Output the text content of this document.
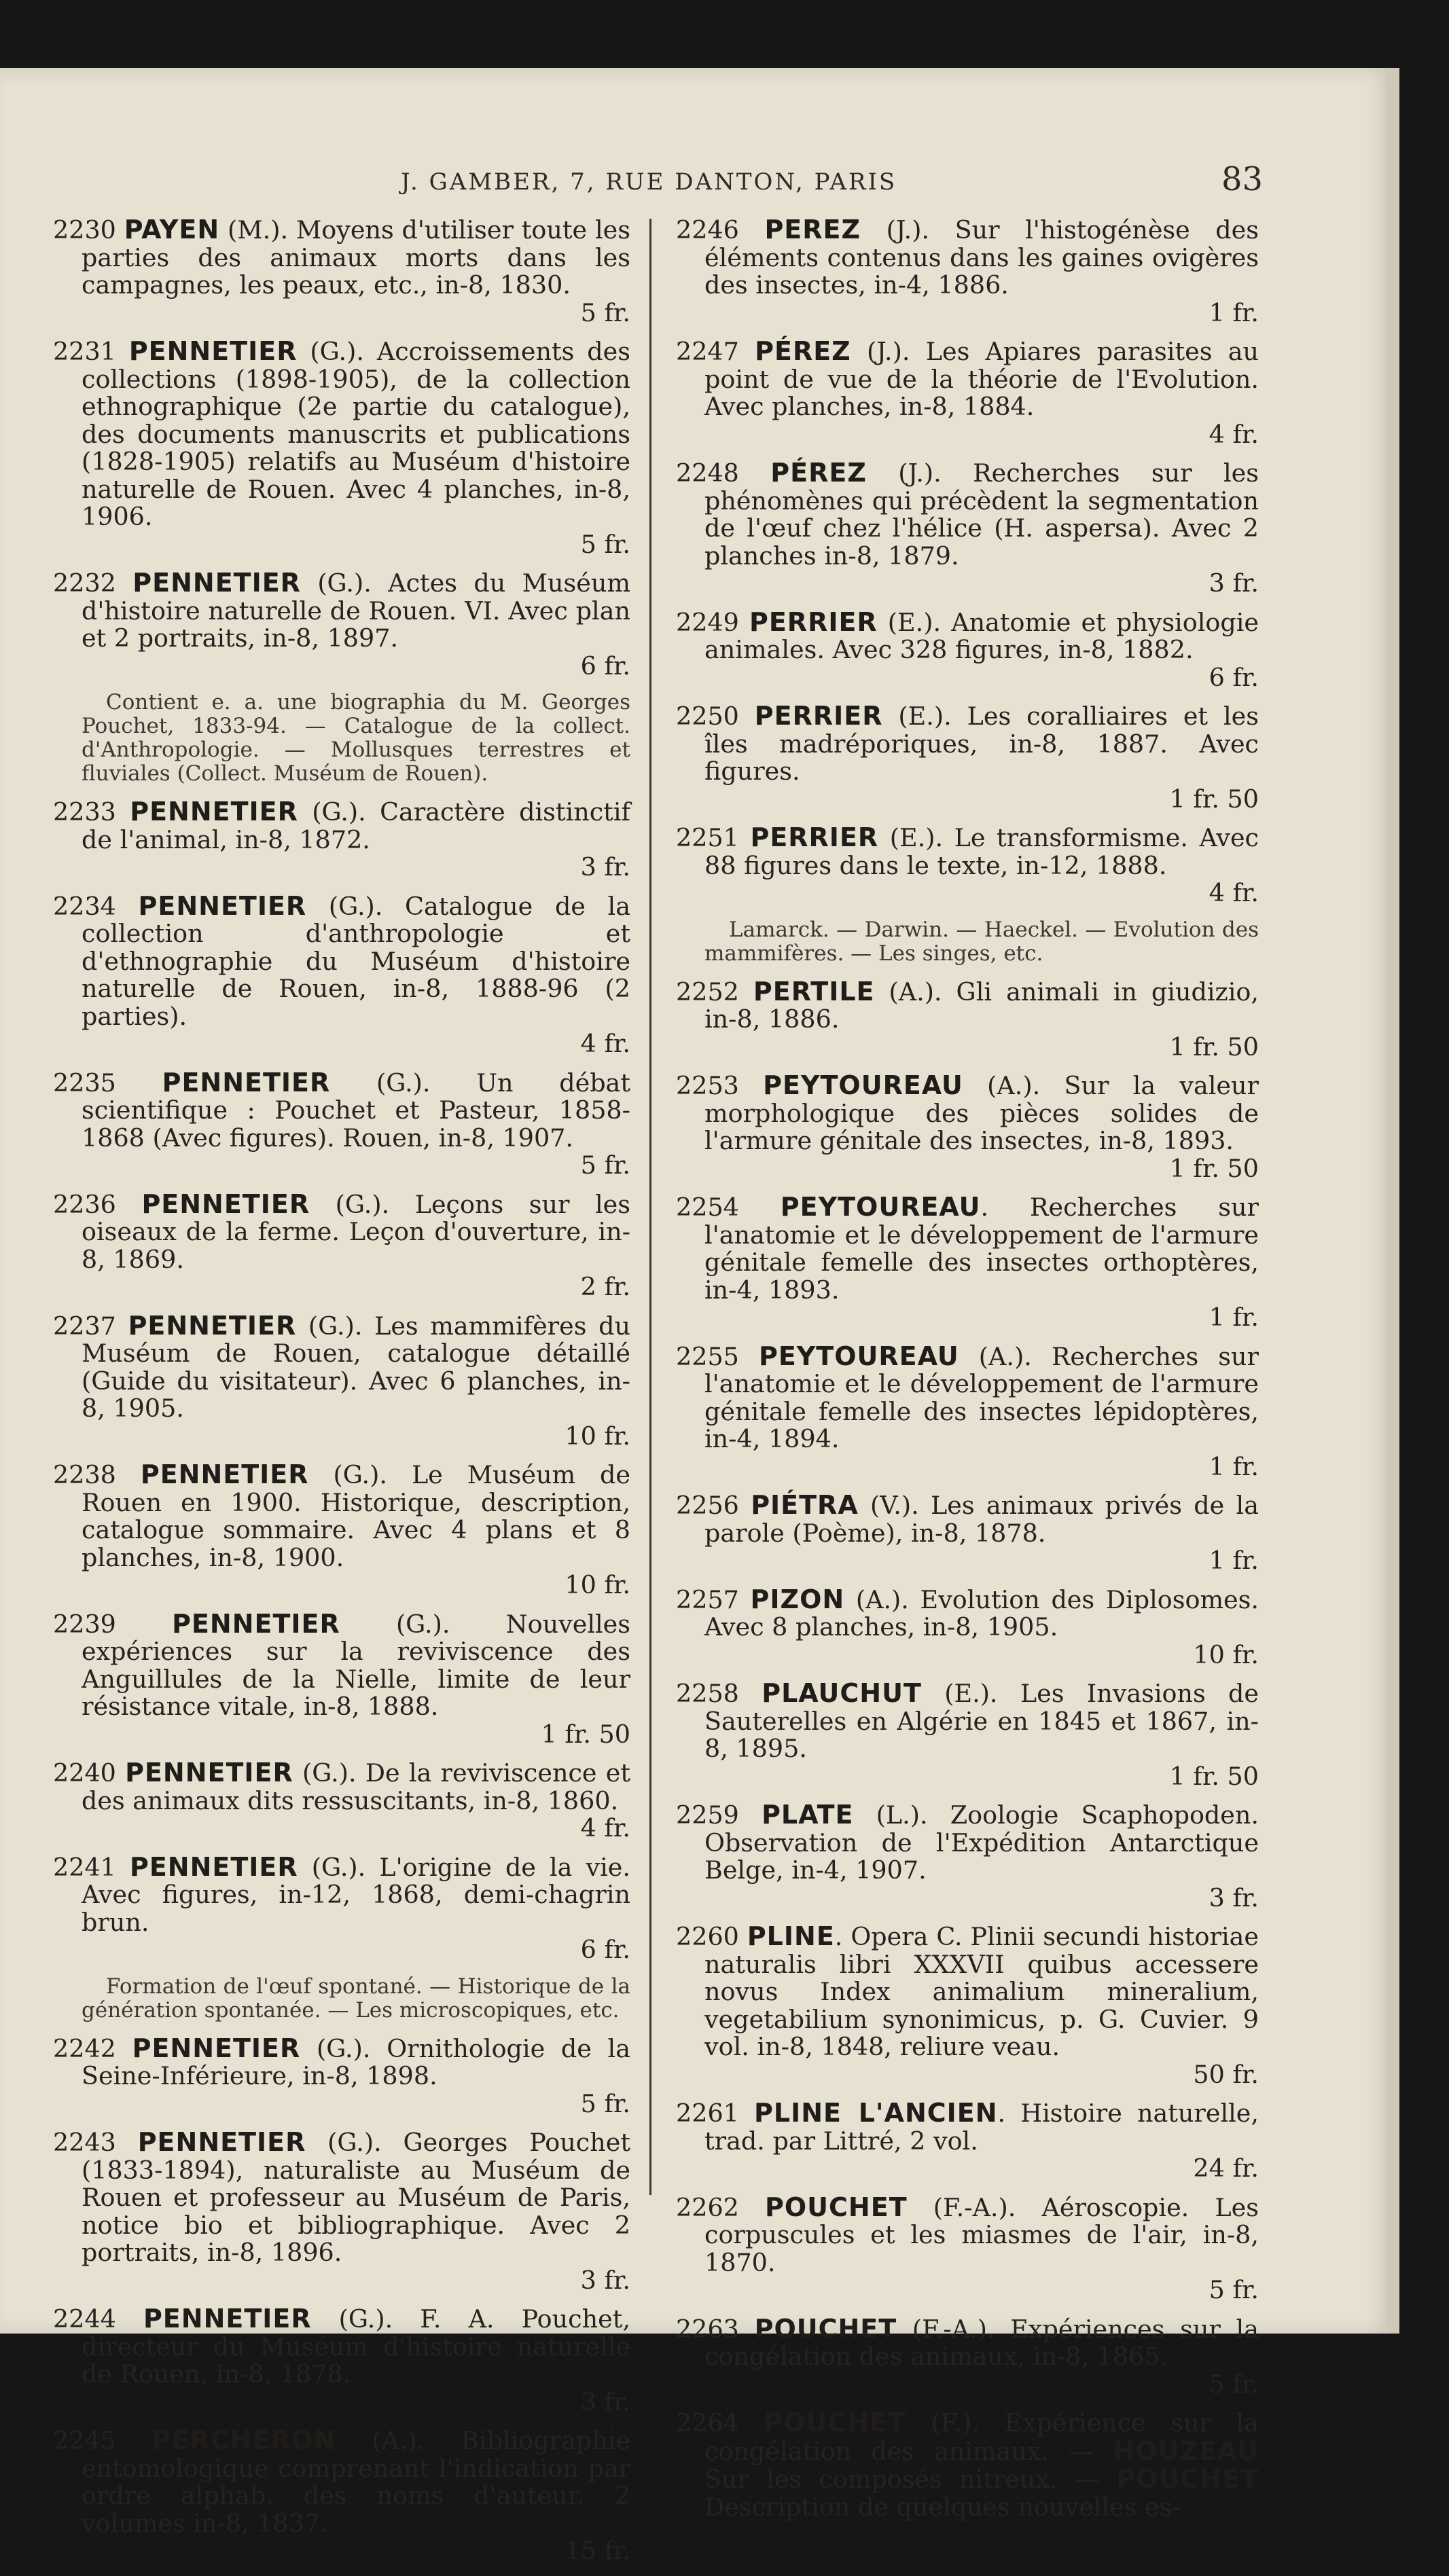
J. GAMBER, 7, RUE DANTON, PARIS	83

2230 PAYEN (M.). Moyens d'utiliser toute les parties des animaux morts dans les campagnes, les peaux, etc., in-8, 1830.
5 fr.

2231 PENNETIER (G.). Accroissements des collections (1898-1905), de la collection ethnographique (2e partie du catalogue), des documents manuscrits et publications (1828-1905) relatifs au Muséum d'histoire naturelle de Rouen. Avec 4 planches, in-8, 1906.
5 fr.

2232 PENNETIER (G.). Actes du Muséum d'histoire naturelle de Rouen. VI. Avec plan et 2 portraits, in-8, 1897.
6 fr.

Contient e. a. une biographia du M. Georges Pouchet, 1833-94. — Catalogue de la collect. d'Anthropologie. — Mollusques terrestres et fluviales (Collect. Muséum de Rouen).

2233 PENNETIER (G.). Caractère distinctif de l'animal, in-8, 1872.
3 fr.

2234 PENNETIER (G.). Catalogue de la collection d'anthropologie et d'ethnographie du Muséum d'histoire naturelle de Rouen, in-8, 1888-96 (2 parties).
4 fr.

2235 PENNETIER (G.). Un débat scientifique : Pouchet et Pasteur, 1858-1868 (Avec figures). Rouen, in-8, 1907.
5 fr.

2236 PENNETIER (G.). Leçons sur les oiseaux de la ferme. Leçon d'ouverture, in-8, 1869.
2 fr.

2237 PENNETIER (G.). Les mammifères du Muséum de Rouen, catalogue détaillé (Guide du visitateur). Avec 6 planches, in-8, 1905.
10 fr.

2238 PENNETIER (G.). Le Muséum de Rouen en 1900. Historique, description, catalogue sommaire. Avec 4 plans et 8 planches, in-8, 1900.
10 fr.

2239 PENNETIER (G.). Nouvelles expériences sur la reviviscence des Anguillules de la Nielle, limite de leur résistance vitale, in-8, 1888.
1 fr. 50

2240 PENNETIER (G.). De la reviviscence et des animaux dits ressuscitants, in-8, 1860.
4 fr.

2241 PENNETIER (G.). L'origine de la vie. Avec figures, in-12, 1868, demi-chagrin brun.
6 fr.

Formation de l'œuf spontané. — Historique de la génération spontanée. — Les microscopiques, etc.

2242 PENNETIER (G.). Ornithologie de la Seine-Inférieure, in-8, 1898.
5 fr.

2243 PENNETIER (G.). Georges Pouchet (1833-1894), naturaliste au Muséum de Rouen et professeur au Muséum de Paris, notice bio et bibliographique. Avec 2 portraits, in-8, 1896.
3 fr.

2244 PENNETIER (G.). F. A. Pouchet, directeur du Muséum d'histoire naturelle de Rouen, in-8, 1878.
3 fr.

2245 PERCHERON (A.). Bibliographie entomologique comprenant l'indication par ordre alphab. des noms d'auteur. 2 volumes in-8, 1837.
15 fr.

2246 PEREZ (J.). Sur l'histogénèse des éléments contenus dans les gaines ovigères des insectes, in-4, 1886.
1 fr.

2247 PÉREZ (J.). Les Apiares parasites au point de vue de la théorie de l'Evolution. Avec planches, in-8, 1884.
4 fr.

2248 PÉREZ (J.). Recherches sur les phénomènes qui précèdent la segmentation de l'œuf chez l'hélice (H. aspersa). Avec 2 planches in-8, 1879.
3 fr.

2249 PERRIER (E.). Anatomie et physiologie animales. Avec 328 figures, in-8, 1882.
6 fr.

2250 PERRIER (E.). Les coralliaires et les îles madréporiques, in-8, 1887. Avec figures.
1 fr. 50

2251 PERRIER (E.). Le transformisme. Avec 88 figures dans le texte, in-12, 1888.
4 fr.

Lamarck. — Darwin. — Haeckel. — Evolution des mammifères. — Les singes, etc.

2252 PERTILE (A.). Gli animali in giudizio, in-8, 1886.
1 fr. 50

2253 PEYTOUREAU (A.). Sur la valeur morphologique des pièces solides de l'armure génitale des insectes, in-8, 1893.
1 fr. 50

2254 PEYTOUREAU. Recherches sur l'anatomie et le développement de l'armure génitale femelle des insectes orthoptères, in-4, 1893.
1 fr.

2255 PEYTOUREAU (A.). Recherches sur l'anatomie et le développement de l'armure génitale femelle des insectes lépidoptères, in-4, 1894.
1 fr.

2256 PIÉTRA (V.). Les animaux privés de la parole (Poème), in-8, 1878.
1 fr.

2257 PIZON (A.). Evolution des Diplosomes. Avec 8 planches, in-8, 1905.
10 fr.

2258 PLAUCHUT (E.). Les Invasions de Sauterelles en Algérie en 1845 et 1867, in-8, 1895.
1 fr. 50

2259 PLATE (L.). Zoologie Scaphopoden. Observation de l'Expédition Antarctique Belge, in-4, 1907.
3 fr.

2260 PLINE. Opera C. Plinii secundi historiae naturalis libri XXXVII quibus accessere novus Index animalium mineralium, vegetabilium synonimicus, p. G. Cuvier. 9 vol. in-8, 1848, reliure veau.
50 fr.

2261 PLINE L'ANCIEN. Histoire naturelle, trad. par Littré, 2 vol.
24 fr.

2262 POUCHET (F.-A.). Aéroscopie. Les corpuscules et les miasmes de l'air, in-8, 1870.
5 fr.

2263 POUCHET (F.-A.). Expériences sur la congélation des animaux, in-8, 1865.
5 fr.

2264 POUCHET (F.). Expérience sur la congélation des animaux. — HOUZEAU Sur les composés nitreux. — POUCHET Description de quelques nouvelles es-
